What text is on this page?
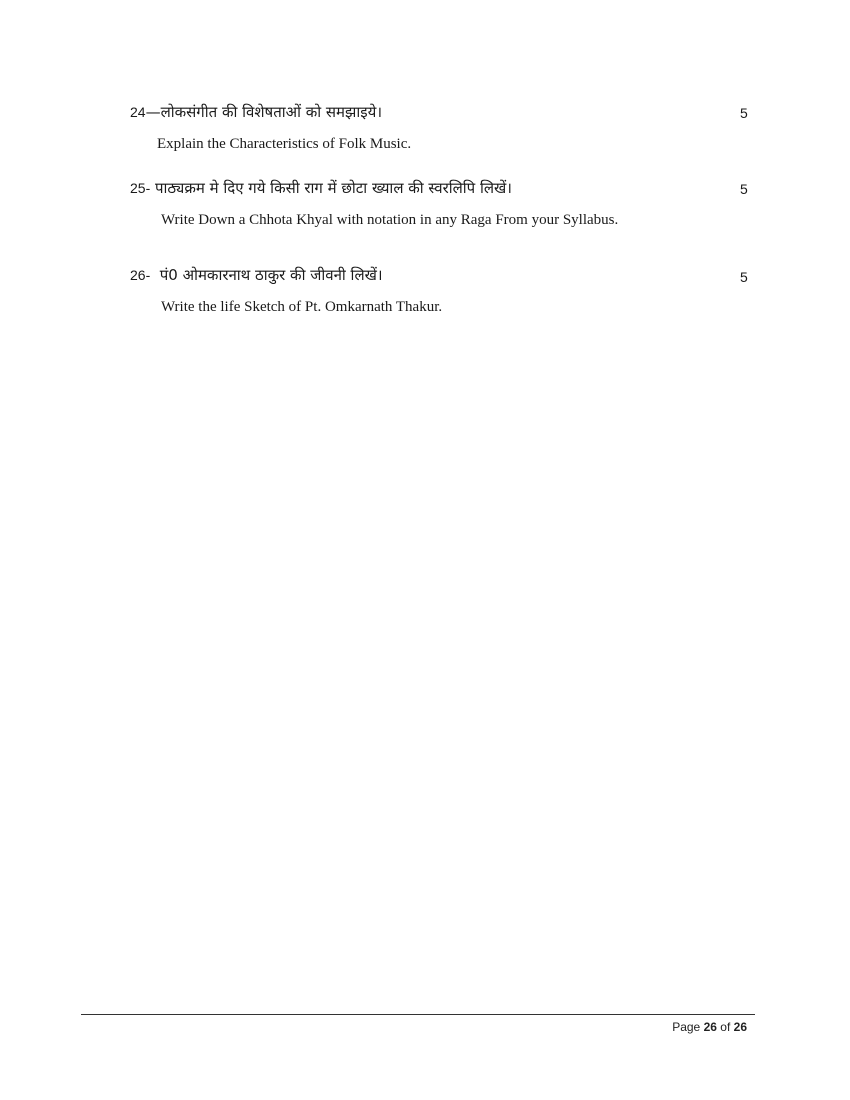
24—लोकसंगीत की विशेषताओं को समझाइये।	5
Explain the Characteristics of Folk Music.
25- पाठ्यक्रम मे दिए गये किसी राग में छोटा ख्याल की स्वरलिपि लिखें।	5
Write Down a Chhota Khyal with notation in any Raga From your Syllabus.
26- पं0 ओमकारनाथ ठाकुर की जीवनी लिखें।	5
Write the life Sketch of Pt. Omkarnath Thakur.
Page 26 of 26
